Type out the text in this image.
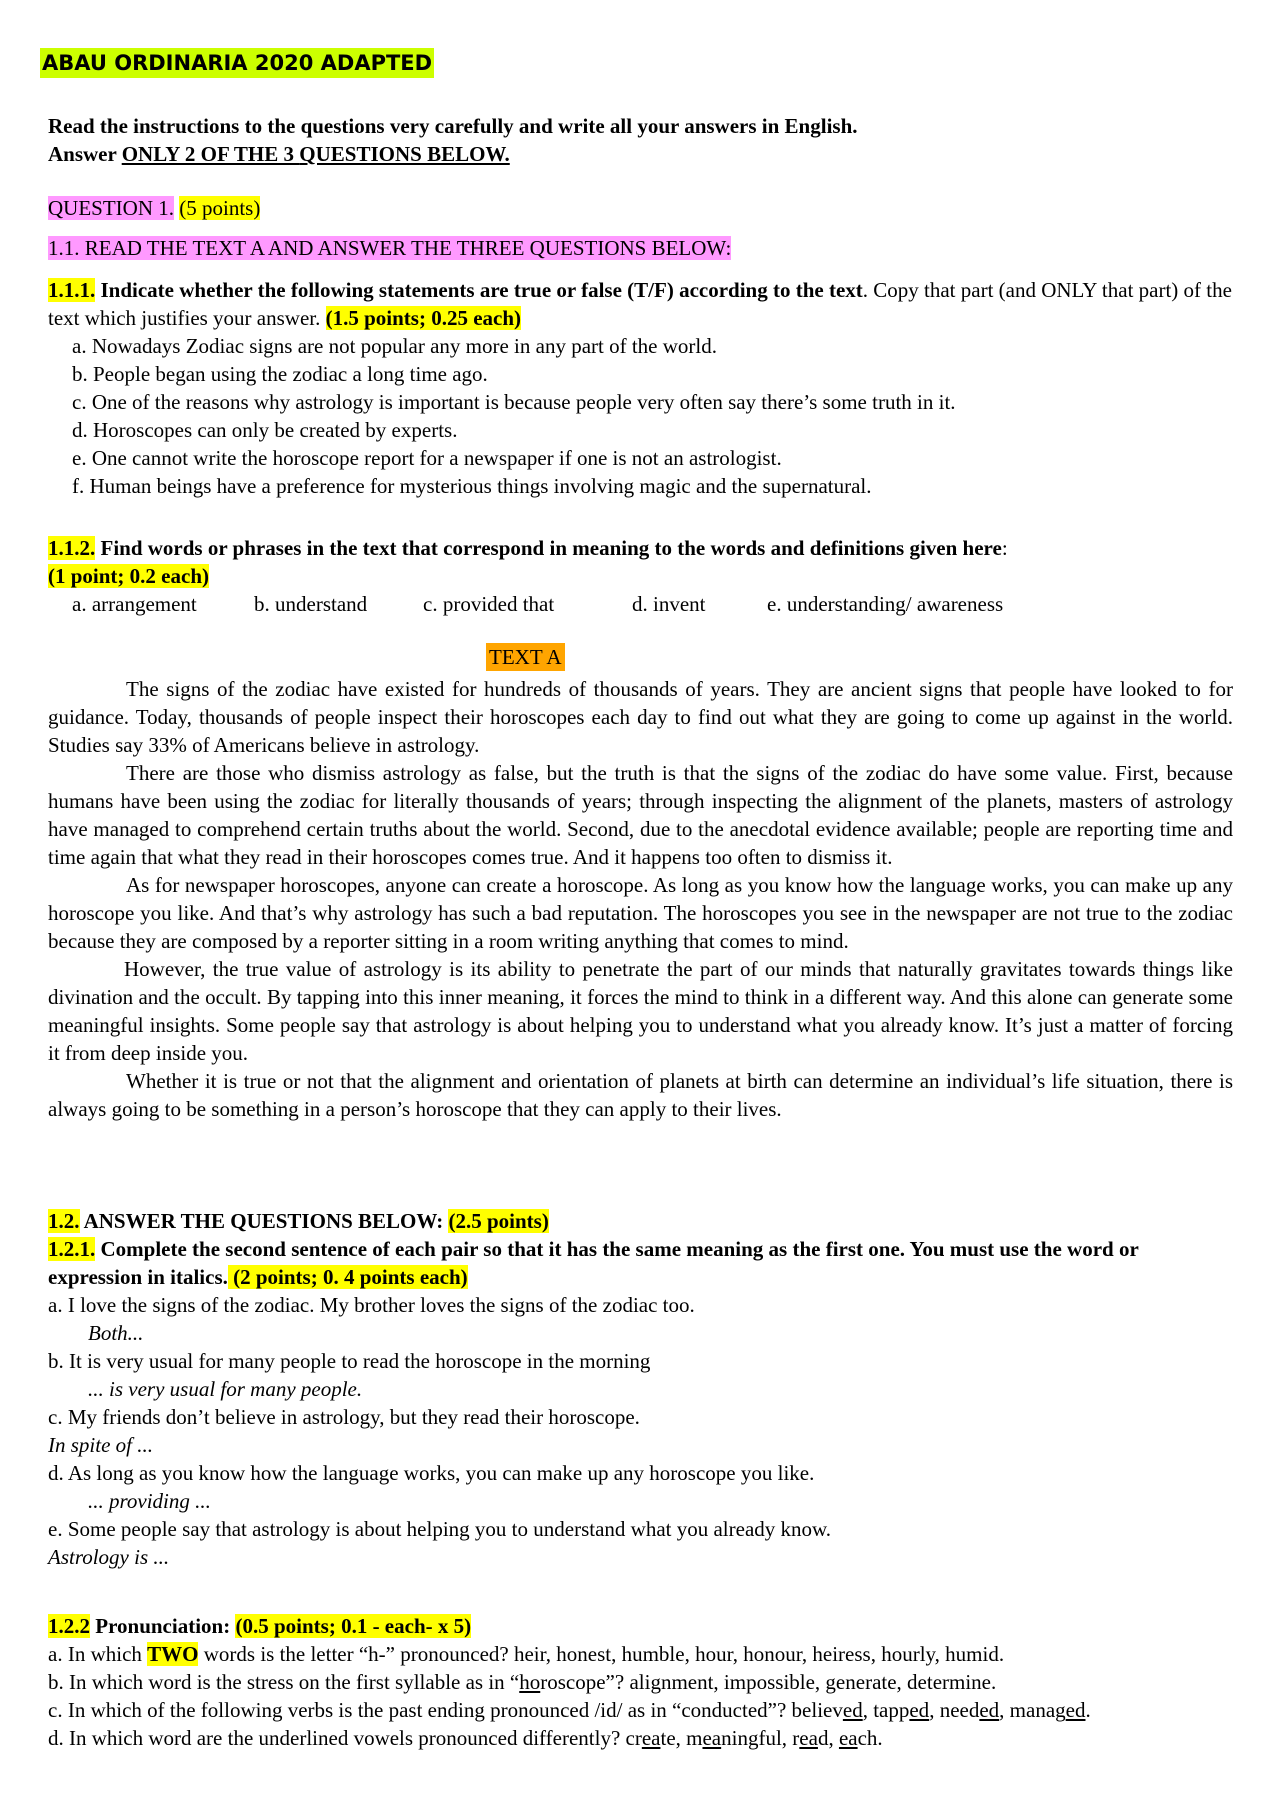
ABAU ORDINARIA 2020 ADAPTED

Read the instructions to the questions very carefully and write all your answers in English.

Answer ONLY 2 OF THE 3 QUESTIONS BELOW.

QUESTION 1. (5 points)
1.1. READ THE TEXT A AND ANSWER THE THREE QUESTIONS BELOW:

1.1.1. Indicate whether the following statements are true or false (T/F) according to the text. Copy that part (and ONLY that part) of the text which justifies your answer. (1.5 points; 0.25 each)

a. Nowadays Zodiac signs are not popular any more in any part of the world.

b. People began using the zodiac a long time ago.

c. One of the reasons why astrology is important is because people very often say there’s some truth in it.

d. Horoscopes can only be created by experts.

e. One cannot write the horoscope report for a newspaper if one is not an astrologist.

f. Human beings have a preference for mysterious things involving magic and the supernatural.

1.1.2. Find words or phrases in the text that correspond in meaning to the words and definitions given here:

(1 point; 0.2 each)

a. arrangement	b. understand	c. provided that	d. invent	e. understanding/ awareness
TEXT A

The signs of the zodiac have existed for hundreds of thousands of years. They are ancient signs that people have looked to for guidance. Today, thousands of people inspect their horoscopes each day to find out what they are going to come up against in the world. Studies say 33% of Americans believe in astrology.

There are those who dismiss astrology as false, but the truth is that the signs of the zodiac do have some value. First, because humans have been using the zodiac for literally thousands of years; through inspecting the alignment of the planets, masters of astrology have managed to comprehend certain truths about the world. Second, due to the anecdotal evidence available; people are reporting time and time again that what they read in their horoscopes comes true. And it happens too often to dismiss it.

As for newspaper horoscopes, anyone can create a horoscope. As long as you know how the language works, you can make up any horoscope you like. And that’s why astrology has such a bad reputation. The horoscopes you see in the newspaper are not true to the zodiac because they are composed by a reporter sitting in a room writing anything that comes to mind.

However, the true value of astrology is its ability to penetrate the part of our minds that naturally gravitates towards things like divination and the occult. By tapping into this inner meaning, it forces the mind to think in a different way. And this alone can generate some meaningful insights. Some people say that astrology is about helping you to understand what you already know. It’s just a matter of forcing it from deep inside you.

Whether it is true or not that the alignment and orientation of planets at birth can determine an individual’s life situation, there is always going to be something in a person’s horoscope that they can apply to their lives.

1.2. ANSWER THE QUESTIONS BELOW: (2.5 points)

1.2.1. Complete the second sentence of each pair so that it has the same meaning as the first one. You must use the word or expression in italics. (2 points; 0. 4 points each)

a. I love the signs of the zodiac. My brother loves the signs of the zodiac too.

Both...

b. It is very usual for many people to read the horoscope in the morning

... is very usual for many people.

c. My friends don’t believe in astrology, but they read their horoscope.

In spite of ...

d. As long as you know how the language works, you can make up any horoscope you like.

... providing ...

e. Some people say that astrology is about helping you to understand what you already know.

Astrology is ...

1.2.2 Pronunciation: (0.5 points; 0.1 - each- x 5)

a. In which TWO words is the letter “h-” pronounced? heir, honest, humble, hour, honour, heiress, hourly, humid.

b. In which word is the stress on the first syllable as in “horoscope”? alignment, impossible, generate, determine.

c. In which of the following verbs is the past ending pronounced /id/ as in “conducted”? believed, tapped, needed, managed.

d. In which word are the underlined vowels pronounced differently? create, meaningful, read, each.
